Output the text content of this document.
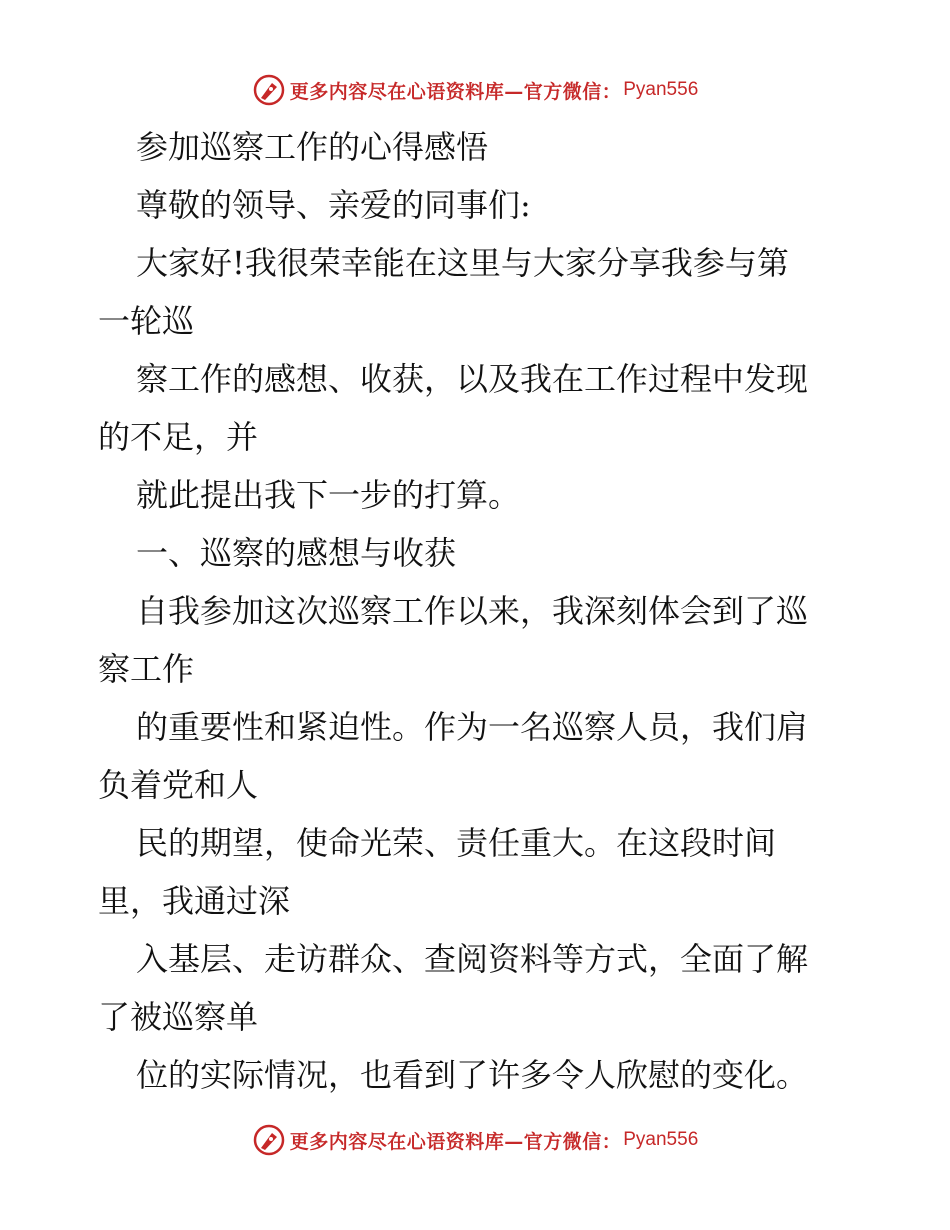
更多内容尽在心语资料库—官方微信： Pyan556
参加巡察工作的心得感悟
尊敬的领导、亲爱的同事们:
大家好!我很荣幸能在这里与大家分享我参与第
一轮巡
察工作的感想、收获，以及我在工作过程中发现
的不足，并
就此提出我下一步的打算。
一、巡察的感想与收获
自我参加这次巡察工作以来，我深刻体会到了巡
察工作
的重要性和紧迫性。作为一名巡察人员，我们肩
负着党和人
民的期望，使命光荣、责任重大。在这段时间
里，我通过深
入基层、走访群众、查阅资料等方式，全面了解
了被巡察单
位的实际情况，也看到了许多令人欣慰的变化。
更多内容尽在心语资料库—官方微信： Pyan556
